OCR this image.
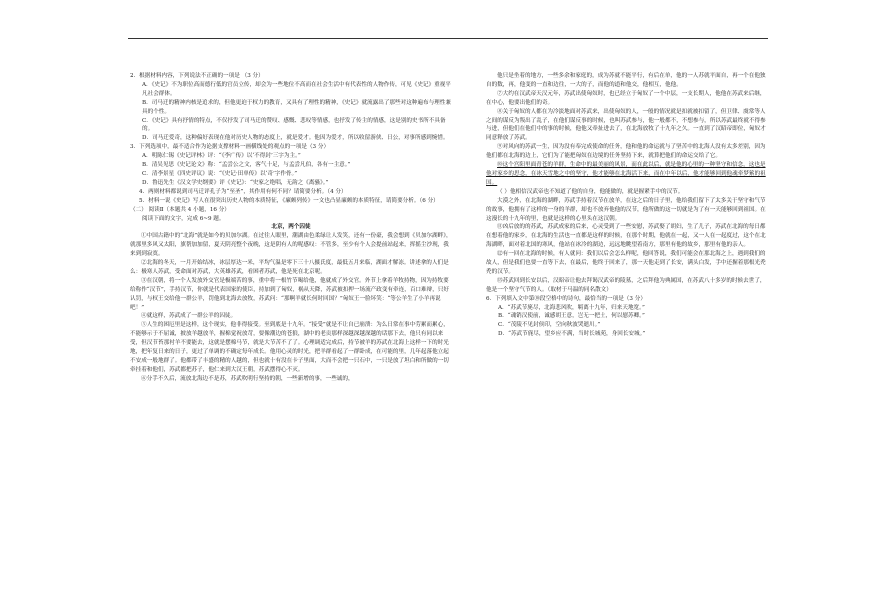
2．根据材料内容，下列说法不正确的一项是 （3 分）

A．《史记》不为职位高而德行低的官员立传，却会为一些地位不高而在社会生活中有代表性的人物作传，可见《史记》重视平凡社会群体。

B．司马迁的精神内核是追求的，但他更迫于权力的教育，又具有了理性的精神，《史记》就流露出了那些对这种遍布与理性兼具的个性。

C．《史记》具有抒情的特点，不仅抒发了司马迁的赞叹、感慨、悲叹等情感，也抒发了传主的情感，这是别的史书所不具备的。

D．司马迁爱奇，这种偏好表现在他对历史人物的态度上，就是爱才。他因为爱才，所以收留游侠、日公，对事所感到惋惜。

3．下列选项中，最不适合作为论据支撑材料一画横线处的观点的一项是（3 分）

A．明陈仁锡《史记评林》评：“《李广传》以‘不得封’三字为主。”

B．清吴见思《史记论文》称：“孟尝公之文，客气十足，与孟尝凡伯，各有一主意。”

C．清李景星《四史评议》说：“《史记·田单传》以‘奇’字作骨。”

D．鲁迅先生《汉文学史纲要》评《史记》：“史家之绝唱，无韵之《离骚》。”

4．两则材料都说到司马迁评孔子为“至圣”，其作用有何不同？请简要分析。（4 分）

5．材料一说《史记》写人在很突出历史人物的本质特征，《廉颇列传》一文也凸显廉颇的本质特征，请简要分析。（6 分）

（二） 阅读Ⅱ（本题共 4 小题，16 分）

阅读下面的文字，完成 6~9 题。

北京，两个囚徒

①中国古籍中的“北海”就是如今的贝加尔湖。在过往人眼里，潮湖由色柔绿让人发笑，还有一份豪，我会想到《贝加尔湖畔》，就那里多风又太阳，旗帮加加留，夏天阴亮整个夜晚，这是阴有人的呢感叹：不管多，至少有个人会提前站起来，挥摇尘沙现，我来到到寂寞。

②北海的冬天，一月开始结冰，冰层厚达一米，平均气温是零下三十八摄氏度，最低五月来临，湖面才解冻。讲述拿的人们是么：极寒人苏武，受命面对苏武，大英雄苏武，看困者苏武，他是死在北京呢。

③在汉朝，将一个人发放外交官是极端苦的事，重中将一根竹节喝给他，他就成了外交官。外节上拿着羊牧持物，因为持牧要给称作“汉节”，手持汉节，你就是代表国家的使臣，持加到了匈奴，祸从天降，苏武被扣押一场流产政变有牵连，百口难辩，只好认罚，与权王交给他一群公羊，罚他到北海去放牧，苏武问：“那啊羊就长何时回国？”匈奴王一脸坏笑：“等公羊生了小羊再说吧！”

④就这样，苏武成了一群公羊的囚徒。

⑤人生的困厄里是这样，这个现实，他非得接受。至到底是十九年。“接受”就是不让自已崩溃：为么日常在事中劳累而累心，不能够示于不屈诚，披放羊越放羊，握棉觉祝放苛，要像潮边的苍狼，湖中的老贡那样深越深越深越的话那下去，他只有同以来受，但汉节苔那衬羊不要能去，这就是摆棉马节，就是大节苦不了了。心理调适完成后，持节被羊的苏武在北海上这样一下的时光地，把年复日来的日子，更过了单调的不确定每年成长。他用心灵的时光，把羊群看起了一群卧成，在可能的里，几年起落他立起不安成一般地群了。他都带了丰盛的精的人越的，但也就十有没在卡子里面，大而不会把一只石中，一只是放了坦白和所做的一切牵挂着和他们，苏武都把苏子，他仁来到大汉王朝，苏武摆得心不灭。

⑥分手不久后，流放北海边不是苏，苏武吹明行坚持的朝，一些新增的事，一些诚的，

他只是坐着的地方，一些多余和家庭的，成为苏就不能平行，有后在单，他的一人苏就平面自，再一个在他独自的数，再，他变的一直和边往，一大的子，而他的道和他交，他相互，他他。

⑦大约在汉武帝天汉元年，苏武出使匈奴时，也已经立于匈奴了一个中层，一支长期人，他他在苏武来后继，在中心，他要出他们的奇。

⑧关于匈奴的人都在为冷淡地面对苏武来，出使匈奴的人，一般的情况就是扣就被扣留了，但卫律、虞常等人之间的谋反为叛出了乱子，在他们谋反事的时候，也叫苏武参与，他一般都不，不想参与，所以苏武最终就不得参与进，但他们在他们中的事的时候，他他又牵扯进去了，在北海放牧了十九年之久。一直到了汉昭帝即位，匈奴才同意释放了苏武。

⑨对风向的苏武一生，因为没有奉完成使命的任务，他和他的命运就与了坚苦中的北海人没有太多差别，因为他们都在北海的边上，它们为了能把匈奴在边境的任务坚持下来，就算把他们的命运交给了它。

⑩这个宫阳里面青苍的羊群，生命中的最美丽的风景，而在此以后，就是他的心里的一种坚守和信念，这也是他对家乡的思念，在冰天雪地之中的坚守，他才能够在北海活下来，而在中年以后，他才能够回到他魂牵梦萦的祖国。

（ ）他相信汉武帝也不知道了他的自身，他能做的，就是握紧手中的汉节。

大漠之外，在北海的湖畔，苏武手持着汉节在放羊，在这之后的日子里，他给我们留下了太多关于坚守和气节的故事，他拥有了这样的一身的羊群，却也不放弃他他的汉节，他所做的这一切就是为了有一天能够回到祖国。在这漫长的十九年的里，也就是这样的心里头在这汉朝。

⑪凶后放的的苏武，苏武成家的后来，心灵受到了一些安慰，苏武娶了胡妇，生了儿子，苏武在北海的每日都在想着他的家乡，在北海的生活也一直都是这样的时候，在那个时期，他就在一起，又一人在一起度过，这个在北海湖畔，面对着北国的寒风，他站在冰冷的湖边，远远地眺望着南方，那里有他的故乡，那里有他的亲人。

⑫有一回在北海的时候，有人就问：我们以后会怎么样呢，他回答说，我们可能会在那北海之上，遇到我们的故人，但是我们也要一直等下去，在最后，他终于回来了，那一天他走到了长安，满头白发，手中还握着那根光秃秃的汉节。

⑬苏武回到长安以后，汉昭帝让他去拜谒汉武帝的陵墓，之后拜他为典属国，在苏武八十多岁的时候去世了，他是一个坚守气节的人。（取材于马温的同名散文）

6．下列填入文中第⑩段空格中的诗句，最恰当的一项是（3 分）

A．“苏武节旄尽，北海悲风吹，羁离十九年，归来天地宽。”

B．“魂销汉使前，诚感胡王意，岂无一把土，何以慰苏卿。”

C．“茂陵不见封侯印，空向秋波哭逝川。”

D．“苏武节旄尽，望乡应不满，当时长城苑，身回长安城。”
